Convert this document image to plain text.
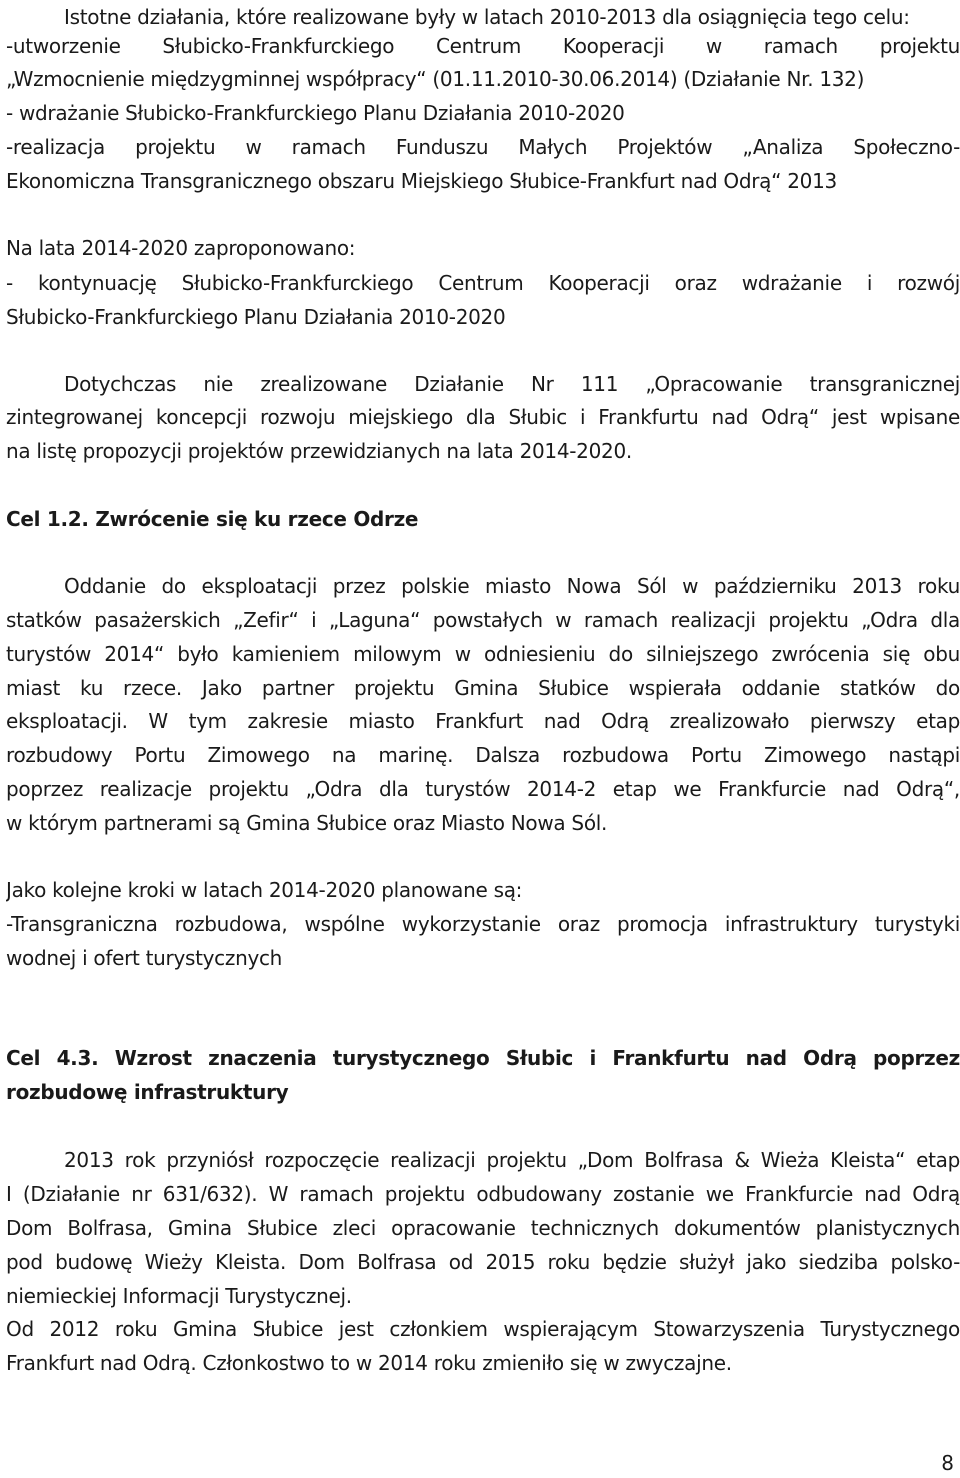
Istotne działania, które realizowane były w latach 2010-2013 dla osiągnięcia tego celu:
-utworzenie Słubicko-Frankfurckiego Centrum Kooperacji w ramach projektu
„Wzmocnienie międzygminnej współpracy“ (01.11.2010-30.06.2014) (Działanie Nr. 132)
- wdrażanie Słubicko-Frankfurckiego Planu Działania 2010-2020
-realizacja projektu w ramach Funduszu Małych Projektów „Analiza Społeczno-
Ekonomiczna Transgranicznego obszaru Miejskiego Słubice-Frankfurt nad Odrą“ 2013
Na lata 2014-2020 zaproponowano:
- kontynuację Słubicko-Frankfurckiego Centrum Kooperacji oraz wdrażanie i rozwój
Słubicko-Frankfurckiego Planu Działania 2010-2020
Dotychczas nie zrealizowane Działanie Nr 111 „Opracowanie transgranicznej
zintegrowanej koncepcji rozwoju miejskiego dla Słubic i Frankfurtu nad Odrą“ jest wpisane
na listę propozycji projektów przewidzianych na lata 2014-2020.
Cel 1.2. Zwrócenie się ku rzece Odrze
Oddanie do eksploatacji przez polskie miasto Nowa Sól w październiku 2013 roku
statków pasażerskich „Zefir“ i „Laguna“ powstałych w ramach realizacji projektu „Odra dla
turystów 2014“ było kamieniem milowym w odniesieniu do silniejszego zwrócenia się obu
miast ku rzece. Jako partner projektu Gmina Słubice wspierała oddanie statków do
eksploatacji. W tym zakresie miasto Frankfurt nad Odrą zrealizowało pierwszy etap
rozbudowy Portu Zimowego na marinę. Dalsza rozbudowa Portu Zimowego nastąpi
poprzez realizacje projektu „Odra dla turystów 2014-2 etap we Frankfurcie nad Odrą“,
w którym partnerami są Gmina Słubice oraz Miasto Nowa Sól.
Jako kolejne kroki w latach 2014-2020 planowane są:
-Transgraniczna rozbudowa, wspólne wykorzystanie oraz promocja infrastruktury turystyki
wodnej i ofert turystycznych
Cel 4.3. Wzrost znaczenia turystycznego Słubic i Frankfurtu nad Odrą poprzez
rozbudowę infrastruktury
2013 rok przyniósł rozpoczęcie realizacji projektu „Dom Bolfrasa & Wieża Kleista“ etap
I (Działanie nr 631/632). W ramach projektu odbudowany zostanie we Frankfurcie nad Odrą
Dom Bolfrasa, Gmina Słubice zleci opracowanie technicznych dokumentów planistycznych
pod budowę Wieży Kleista. Dom Bolfrasa od 2015 roku będzie służył jako siedziba polsko-
niemieckiej Informacji Turystycznej.
Od 2012 roku Gmina Słubice jest członkiem wspierającym Stowarzyszenia Turystycznego
Frankfurt nad Odrą. Członkostwo to w 2014 roku zmieniło się w zwyczajne.
8
